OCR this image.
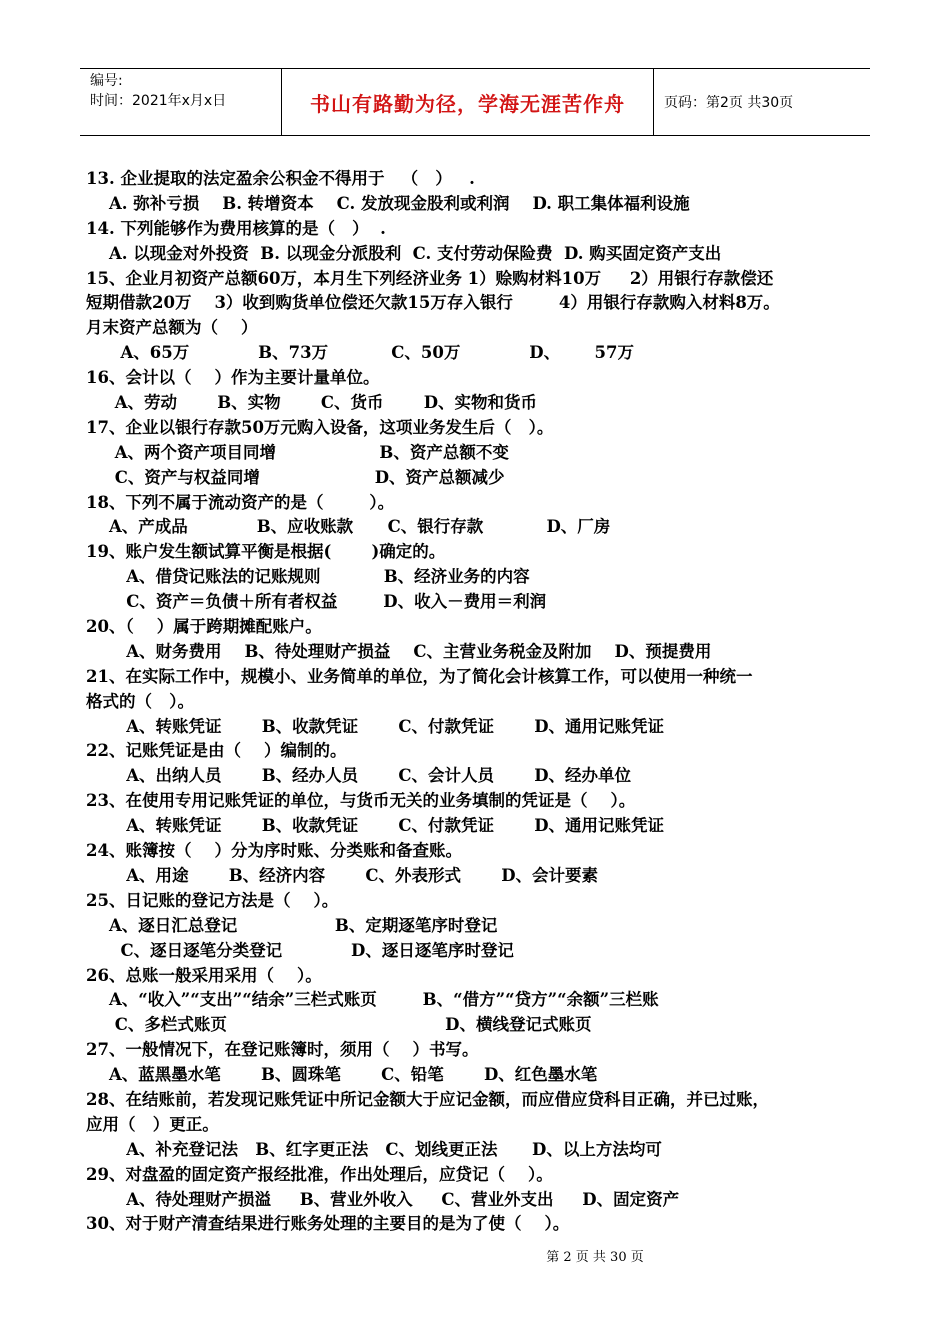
编号:
时间：2021年x月x日	书山有路勤为径，学海无涯苦作舟	页码：第2页 共30页
13. 企业提取的法定盈余公积金不得用于   （   ）   .
A. 弥补亏损    B. 转增资本    C. 发放现金股利或利润    D. 职工集体福利设施
14. 下列能够作为费用核算的是（   ）  .
A. 以现金对外投资  B. 以现金分派股利  C. 支付劳动保险费  D. 购买固定资产支出
15、企业月初资产总额60万，本月生下列经济业务 1）赊购材料10万     2）用银行存款偿还
短期借款20万    3）收到购货单位偿还欠款15万存入银行        4）用银行存款购入材料8万。
月末资产总额为（    ）
A、65万            B、73万           C、50万            D、      57万
16、会计以（    ）作为主要计量单位。
A、劳动       B、实物       C、货币       D、实物和货币
17、企业以银行存款50万元购入设备，这项业务发生后（   ）。
A、两个资产项目同增                  B、资产总额不变
C、资产与权益同增                    D、资产总额减少
18、下列不属于流动资产的是（        ）。
A、产成品            B、应收账款      C、银行存款           D、厂房
19、账户发生额试算平衡是根据(       )确定的。
A、借贷记账法的记账规则           B、经济业务的内容
C、资产＝负债＋所有者权益        D、收入－费用＝利润
20、（    ）属于跨期摊配账户。
A、财务费用    B、待处理财产损益    C、主营业务税金及附加    D、预提费用
21、在实际工作中，规模小、业务简单的单位，为了简化会计核算工作，可以使用一种统一
格式的（   ）。
A、转账凭证       B、收款凭证       C、付款凭证       D、通用记账凭证
22、记账凭证是由（    ）编制的。
A、出纳人员       B、经办人员       C、会计人员       D、经办单位
23、在使用专用记账凭证的单位，与货币无关的业务填制的凭证是（    ）。
A、转账凭证       B、收款凭证       C、付款凭证       D、通用记账凭证
24、账簿按（    ）分为序时账、分类账和备查账。
A、用途       B、经济内容       C、外表形式       D、会计要素
25、日记账的登记方法是（    ）。
A、逐日汇总登记                 B、定期逐笔序时登记
C、逐日逐笔分类登记            D、逐日逐笔序时登记
26、总账一般采用采用（    ）。
A、“收入”“支出”“结余”三栏式账页        B、“借方”“贷方”“余额”三栏账
C、多栏式账页                                      D、横线登记式账页
27、一般情况下，在登记账簿时，须用（    ）书写。
A、蓝黑墨水笔       B、圆珠笔       C、铅笔       D、红色墨水笔
28、在结账前，若发现记账凭证中所记金额大于应记金额，而应借应贷科目正确，并已过账，
应用（   ）更正。
A、补充登记法   B、红字更正法   C、划线更正法      D、以上方法均可
29、对盘盈的固定资产报经批准，作出处理后，应贷记（    ）。
A、待处理财产损溢     B、营业外收入     C、营业外支出     D、固定资产
30、对于财产清查结果进行账务处理的主要目的是为了使（    ）。
第 2 页 共 30 页
